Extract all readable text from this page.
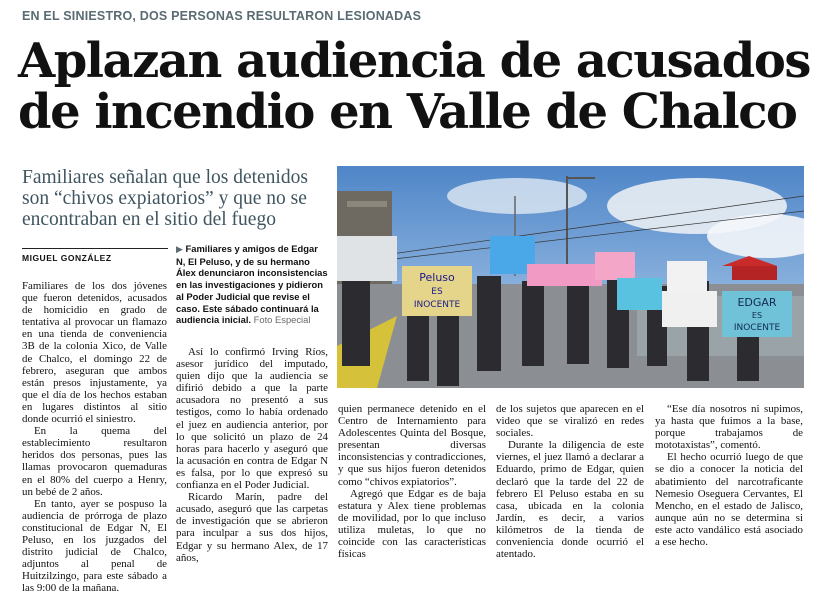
EN EL SINIESTRO, DOS PERSONAS RESULTARON LESIONADAS
Aplazan audiencia de acusados
de incendio en Valle de Chalco

Familiares señalan que los detenidos son “chivos expiatorios” y que no se encontraban en el sitio del fuego

MIGUEL GONZÁLEZ
▶ Familiares y amigos de Edgar N, El Peluso, y de su hermano Álex denunciaron inconsistencias en las investigaciones y pidieron al Poder Judicial que revise el caso. Este sábado continuará la audiencia inicial. Foto Especial
Peluso
ES
INOCENTE	EDGAR
ES
INOCENTE

Familiares de los dos jóvenes que fueron detenidos, acusados de homicidio en grado de tentativa al provocar un flamazo en una tienda de conveniencia 3B de la colonia Xico, de Valle de Chalco, el domingo 22 de febrero, aseguran que ambos están presos injustamente, ya que el día de los hechos estaban en lugares distintos al sitio donde ocurrió el siniestro.

En la quema del establecimiento resultaron heridos dos personas, pues las llamas provocaron quemaduras en el 80% del cuerpo a Henry, un bebé de 2 años.

En tanto, ayer se pospuso la audiencia de prórroga de plazo constitucional de Edgar N, El Peluso, en los juzgados del distrito judicial de Chalco, adjuntos al penal de Huitzilzingo, para este sábado a las 9:00 de la mañana.

Así lo confirmó Irving Ríos, asesor jurídico del imputado, quien dijo que la audiencia se difirió debido a que la parte acusadora no presentó a sus testigos, como lo había ordenado el juez en audiencia anterior, por lo que solicitó un plazo de 24 horas para hacerlo y aseguró que la acusación en contra de Edgar N es falsa, por lo que expresó su confianza en el Poder Judicial.

Ricardo Marín, padre del acusado, aseguró que las carpetas de investigación que se abrieron para inculpar a sus dos hijos, Edgar y su hermano Alex, de 17 años,

quien permanece detenido en el Centro de Internamiento para Adolescentes Quinta del Bosque, presentan diversas inconsistencias y contradicciones, y que sus hijos fueron detenidos como “chivos expiatorios”.

Agregó que Edgar es de baja estatura y Alex tiene problemas de movilidad, por lo que incluso utiliza muletas, lo que no coincide con las características físicas

de los sujetos que aparecen en el video que se viralizó en redes sociales.

Durante la diligencia de este viernes, el juez llamó a declarar a Eduardo, primo de Edgar, quien declaró que la tarde del 22 de febrero El Peluso estaba en su casa, ubicada en la colonia Jardín, es decir, a varios kilómetros de la tienda de conveniencia donde ocurrió el atentado.

“Ese día nosotros ni supimos, ya hasta que fuimos a la base, porque trabajamos de mototaxistas”, comentó.

El hecho ocurrió luego de que se dio a conocer la noticia del abatimiento del narcotraficante Nemesio Oseguera Cervantes, El Mencho, en el estado de Jalisco, aunque aún no se determina si este acto vandálico está asociado a ese hecho.
